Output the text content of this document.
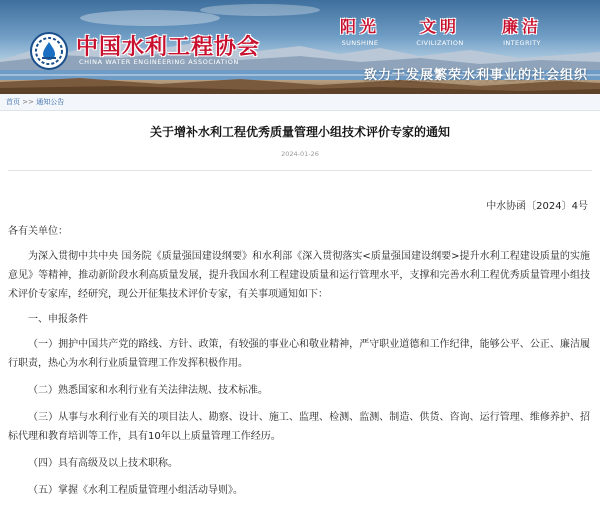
中国水利工程协会
CHINA WATER ENGINEERING ASSOCIATION
阳光
SUNSHINE
文明
CIVILIZATION
廉洁
INTEGRITY
致力于发展繁荣水利事业的社会组织
首页 >> 通知公告
关于增补水利工程优秀质量管理小组技术评价专家的通知
2024-01-26
中水协函〔2024〕4号
各有关单位：

为深入贯彻中共中央 国务院《质量强国建设纲要》和水利部《深入贯彻落实<质量强国建设纲要>提升水利工程建设质量的实施意见》等精神，推动新阶段水利高质量发展，提升我国水利工程建设质量和运行管理水平，支撑和完善水利工程优秀质量管理小组技术评价专家库，经研究，现公开征集技术评价专家，有关事项通知如下：

一、申报条件

（一）拥护中国共产党的路线、方针、政策，有较强的事业心和敬业精神，严守职业道德和工作纪律，能够公平、公正、廉洁履行职责，热心为水利行业质量管理工作发挥积极作用。

（二）熟悉国家和水利行业有关法律法规、技术标准。

（三）从事与水利行业有关的项目法人、勘察、设计、施工、监理、检测、监测、制造、供货、咨询、运行管理、维修养护、招标代理和教育培训等工作，具有10年以上质量管理工作经历。

（四）具有高级及以上技术职称。

（五）掌握《水利工程质量管理小组活动导则》。
